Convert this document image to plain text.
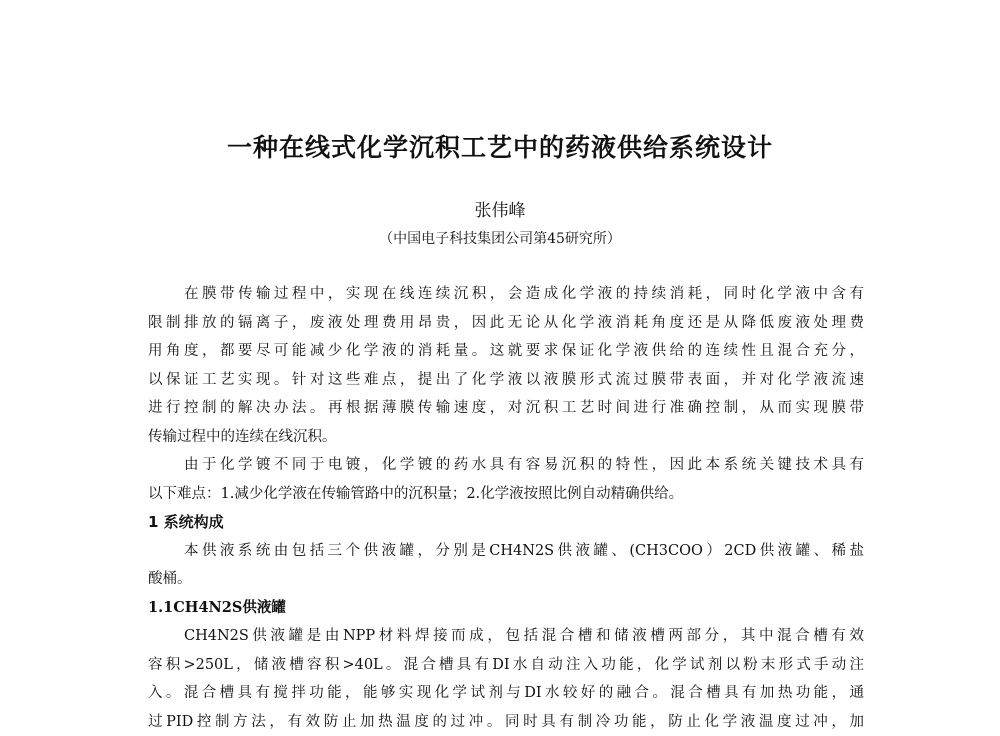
一种在线式化学沉积工艺中的药液供给系统设计
张伟峰
（中国电子科技集团公司第45研究所）
在膜带传输过程中，实现在线连续沉积，会造成化学液的持续消耗，同时化学液中含有
限制排放的镉离子，废液处理费用昂贵，因此无论从化学液消耗角度还是从降低废液处理费
用角度，都要尽可能减少化学液的消耗量。这就要求保证化学液供给的连续性且混合充分，
以保证工艺实现。针对这些难点，提出了化学液以液膜形式流过膜带表面，并对化学液流速
进行控制的解决办法。再根据薄膜传输速度，对沉积工艺时间进行准确控制，从而实现膜带
传输过程中的连续在线沉积。
由于化学镀不同于电镀，化学镀的药水具有容易沉积的特性，因此本系统关键技术具有
以下难点：1.减少化学液在传输管路中的沉积量；2.化学液按照比例自动精确供给。
1 系统构成
本供液系统由包括三个供液罐，分别是CH4N2S供液罐、(CH3COO）2CD供液罐、稀盐
酸桶。
1.1CH4N2S供液罐
CH4N2S供液罐是由NPP材料焊接而成，包括混合槽和储液槽两部分，其中混合槽有效
容积>250L，储液槽容积>40L。混合槽具有DI水自动注入功能，化学试剂以粉末形式手动注
入。混合槽具有搅拌功能，能够实现化学试剂与DI水较好的融合。混合槽具有加热功能，通
过PID控制方法，有效防止加热温度的过冲。同时具有制冷功能，防止化学液温度过冲，加
